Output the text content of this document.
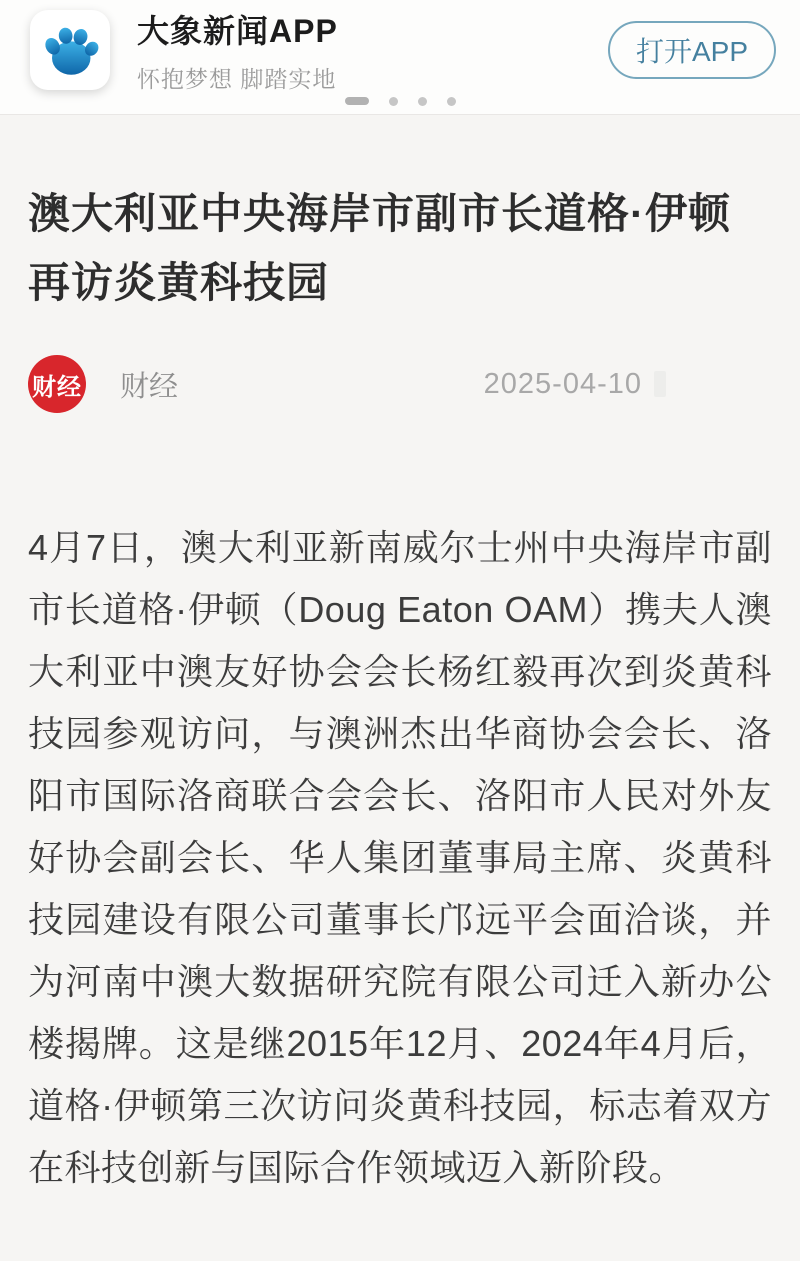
大象新闻APP
怀抱梦想 脚踏实地
打开APP
澳大利亚中央海岸市副市长道格·伊顿再访炎黄科技园
财经 财经	2025-04-10

4月7日，澳大利亚新南威尔士州中央海岸市副市长道格·伊顿（Doug Eaton OAM）携夫人澳大利亚中澳友好协会会长杨红毅再次到炎黄科技园参观访问，与澳洲杰出华商协会会长、洛阳市国际洛商联合会会长、洛阳市人民对外友好协会副会长、华人集团董事局主席、炎黄科技园建设有限公司董事长邝远平会面洽谈，并为河南中澳大数据研究院有限公司迁入新办公楼揭牌。这是继2015年12月、2024年4月后，道格·伊顿第三次访问炎黄科技园，标志着双方在科技创新与国际合作领域迈入新阶段。
